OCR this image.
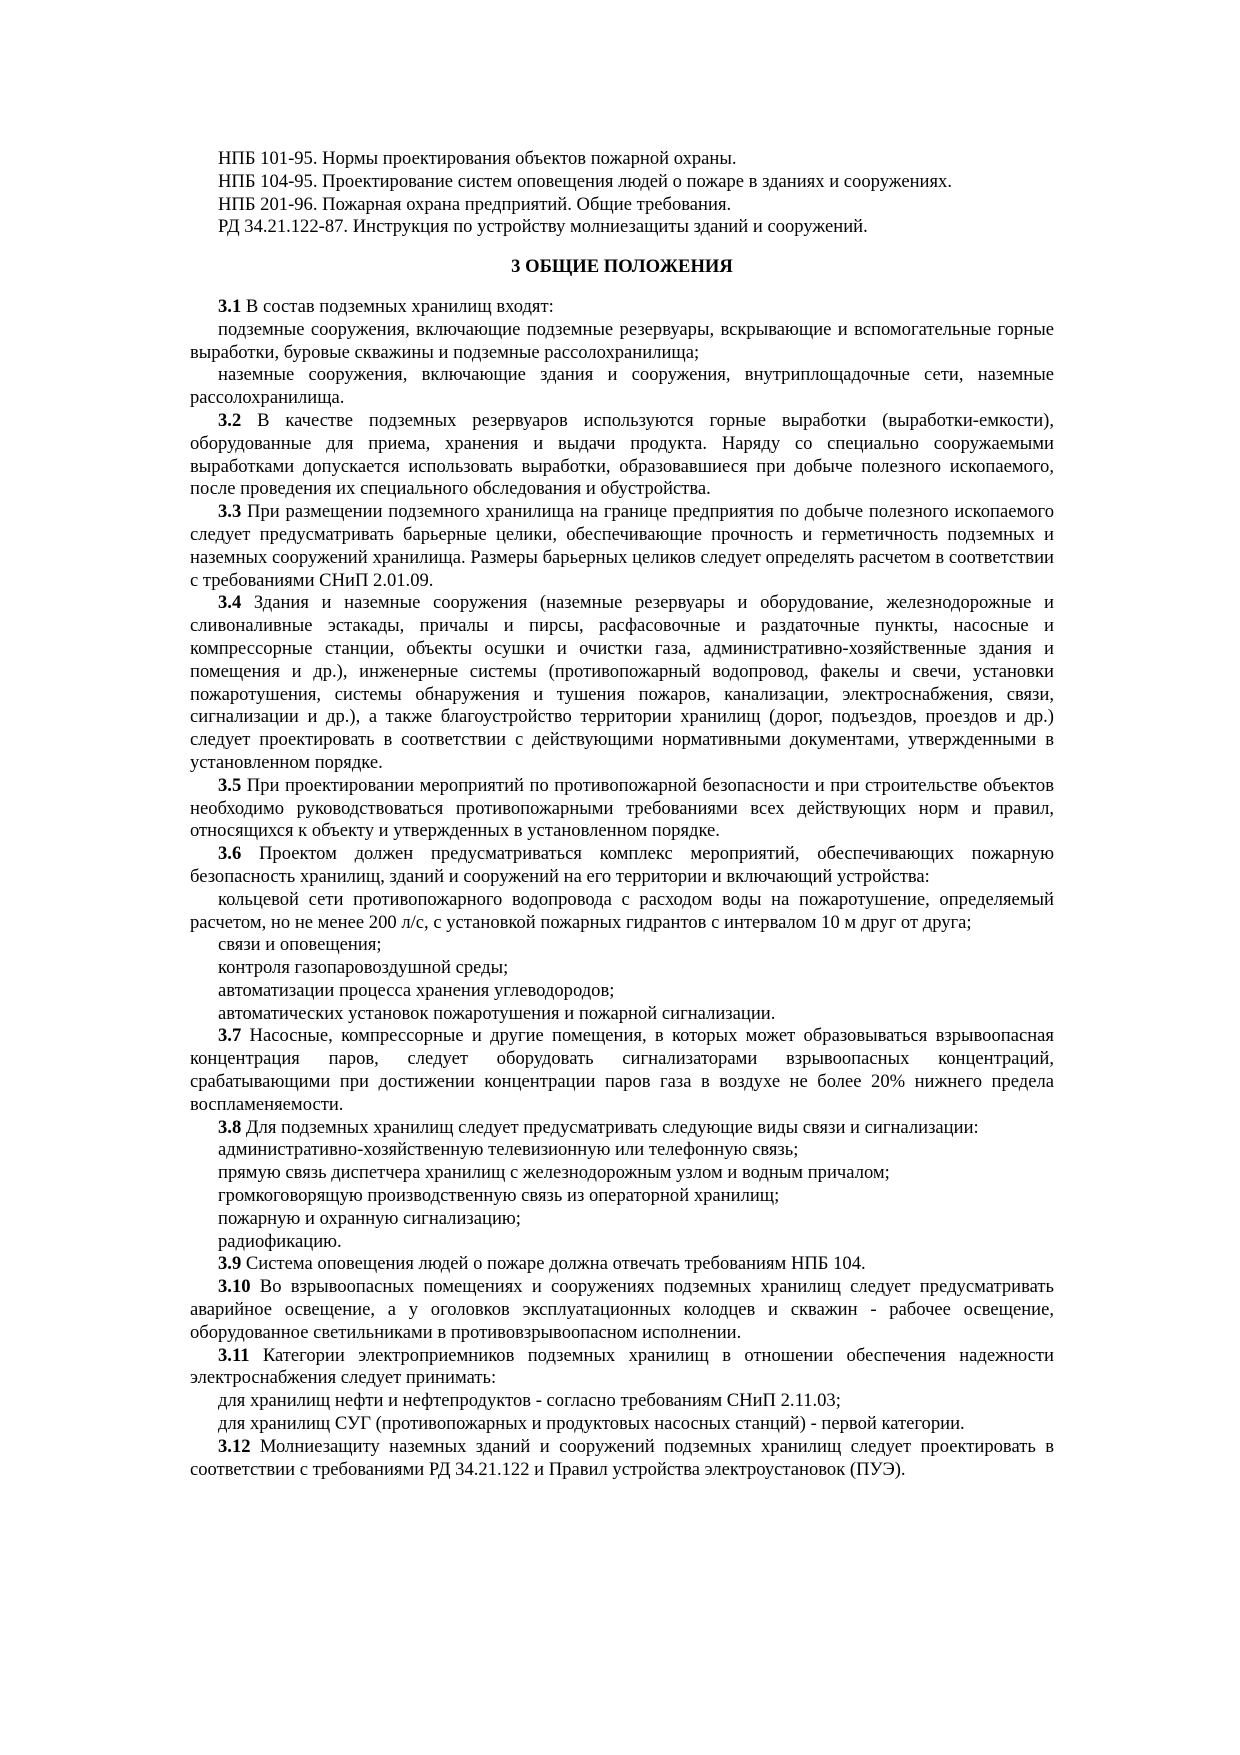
НПБ 101-95. Нормы проектирования объектов пожарной охраны.

НПБ 104-95. Проектирование систем оповещения людей о пожаре в зданиях и сооружениях.

НПБ 201-96. Пожарная охрана предприятий. Общие требования.

РД 34.21.122-87. Инструкция по устройству молниезащиты зданий и сооружений.

3 ОБЩИЕ ПОЛОЖЕНИЯ

3.1 В состав подземных хранилищ входят:

подземные сооружения, включающие подземные резервуары, вскрывающие и вспомогательные горные выработки, буровые скважины и подземные рассолохранилища;

наземные сооружения, включающие здания и сооружения, внутриплощадочные сети, наземные рассолохранилища.

3.2 В качестве подземных резервуаров используются горные выработки (выработки-емкости), оборудованные для приема, хранения и выдачи продукта. Наряду со специально сооружаемыми выработками допускается использовать выработки, образовавшиеся при добыче полезного ископаемого, после проведения их специального обследования и обустройства.

3.3 При размещении подземного хранилища на границе предприятия по добыче полезного ископаемого следует предусматривать барьерные целики, обеспечивающие прочность и герметичность подземных и наземных сооружений хранилища. Размеры барьерных целиков следует определять расчетом в соответствии с требованиями СНиП 2.01.09.

3.4 Здания и наземные сооружения (наземные резервуары и оборудование, железнодорожные и сливоналивные эстакады, причалы и пирсы, расфасовочные и раздаточные пункты, насосные и компрессорные станции, объекты осушки и очистки газа, административно-хозяйственные здания и помещения и др.), инженерные системы (противопожарный водопровод, факелы и свечи, установки пожаротушения, системы обнаружения и тушения пожаров, канализации, электроснабжения, связи, сигнализации и др.), а также благоустройство территории хранилищ (дорог, подъездов, проездов и др.) следует проектировать в соответствии с действующими нормативными документами, утвержденными в установленном порядке.

3.5 При проектировании мероприятий по противопожарной безопасности и при строительстве объектов необходимо руководствоваться противопожарными требованиями всех действующих норм и правил, относящихся к объекту и утвержденных в установленном порядке.

3.6 Проектом должен предусматриваться комплекс мероприятий, обеспечивающих пожарную безопасность хранилищ, зданий и сооружений на его территории и включающий устройства:

кольцевой сети противопожарного водопровода с расходом воды на пожаротушение, определяемый расчетом, но не менее 200 л/с, с установкой пожарных гидрантов с интервалом 10 м друг от друга;

связи и оповещения;

контроля газопаровоздушной среды;

автоматизации процесса хранения углеводородов;

автоматических установок пожаротушения и пожарной сигнализации.

3.7 Насосные, компрессорные и другие помещения, в которых может образовываться взрывоопасная концентрация паров, следует оборудовать сигнализаторами взрывоопасных концентраций, срабатывающими при достижении концентрации паров газа в воздухе не более 20% нижнего предела воспламеняемости.

3.8 Для подземных хранилищ следует предусматривать следующие виды связи и сигнализации:

административно-хозяйственную телевизионную или телефонную связь;

прямую связь диспетчера хранилищ с железнодорожным узлом и водным причалом;

громкоговорящую производственную связь из операторной хранилищ;

пожарную и охранную сигнализацию;

радиофикацию.

3.9 Система оповещения людей о пожаре должна отвечать требованиям НПБ 104.

3.10 Во взрывоопасных помещениях и сооружениях подземных хранилищ следует предусматривать аварийное освещение, а у оголовков эксплуатационных колодцев и скважин - рабочее освещение, оборудованное светильниками в противовзрывоопасном исполнении.

3.11 Категории электроприемников подземных хранилищ в отношении обеспечения надежности электроснабжения следует принимать:

для хранилищ нефти и нефтепродуктов - согласно требованиям СНиП 2.11.03;

для хранилищ СУГ (противопожарных и продуктовых насосных станций) - первой категории.

3.12 Молниезащиту наземных зданий и сооружений подземных хранилищ следует проектировать в соответствии с требованиями РД 34.21.122 и Правил устройства электроустановок (ПУЭ).
